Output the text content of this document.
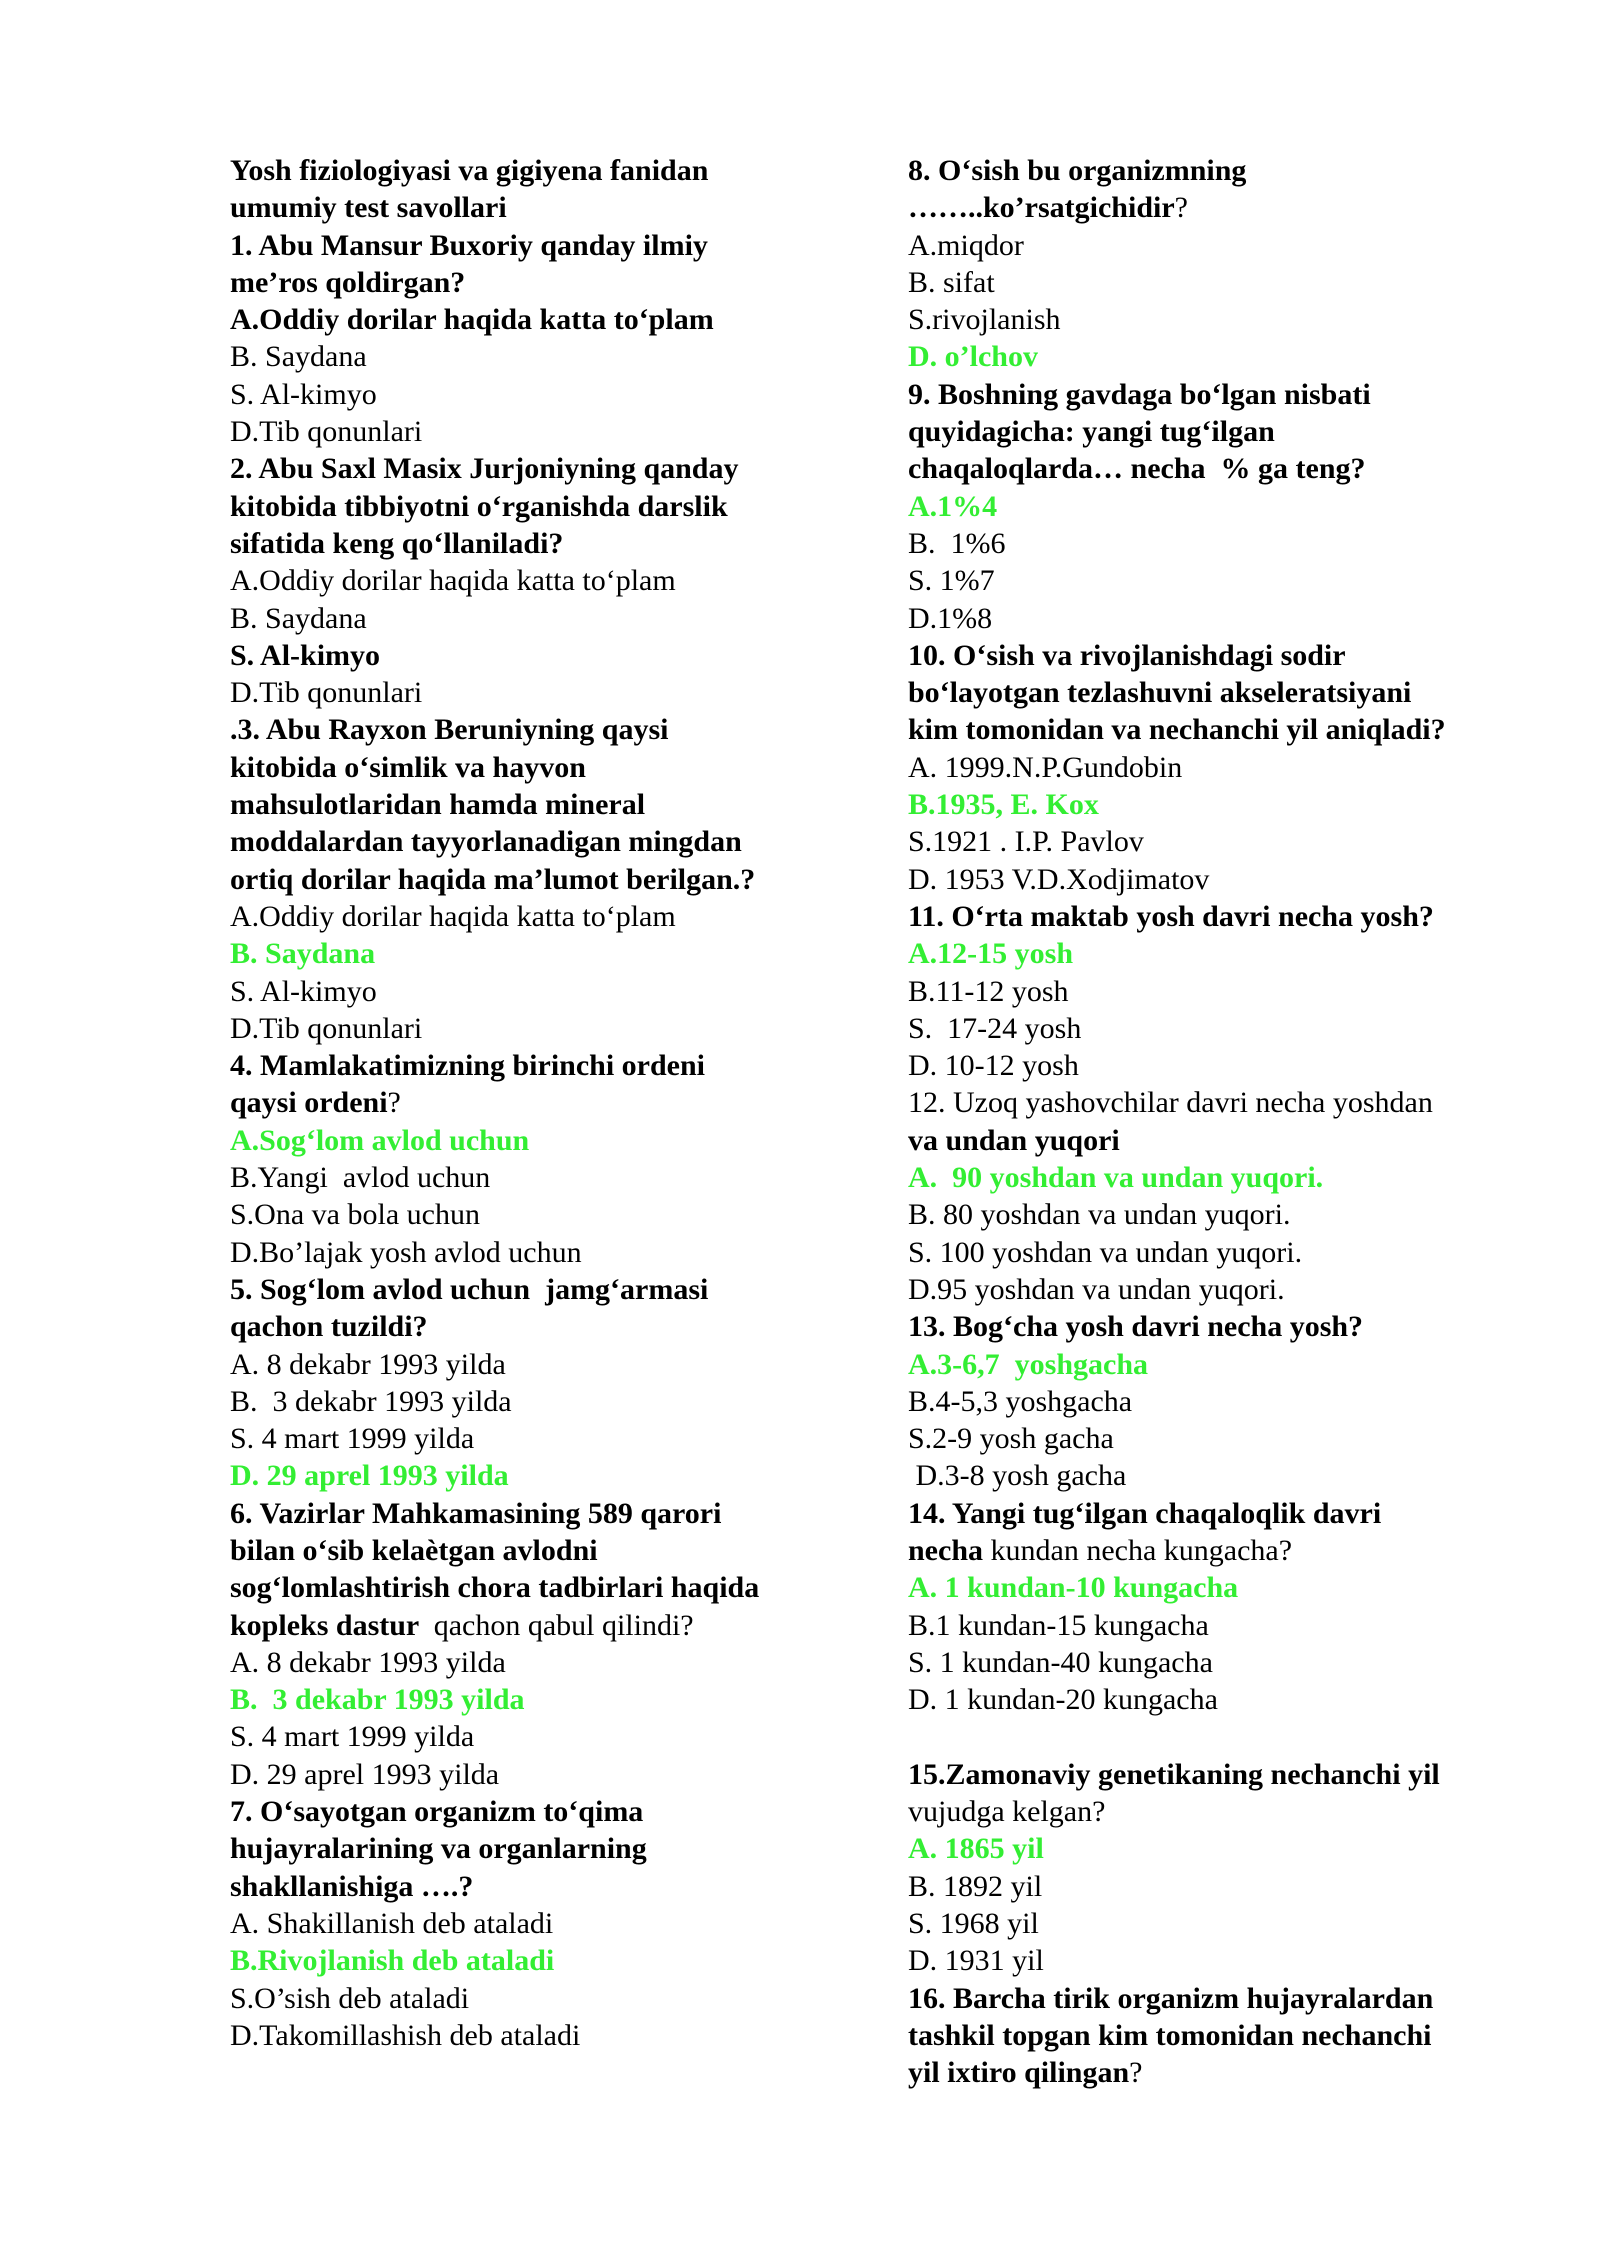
Yosh fiziologiyasi va gigiyena fanidan
umumiy test savollari
1. Abu Mansur Buxoriy qanday ilmiy
me’ros qoldirgan?
A.Oddiy dorilar haqida katta to‘plam
B. Saydana
S. Al-kimyo
D.Tib qonunlari
2. Abu Saxl Masix Jurjoniyning qanday
kitobida tibbiyotni o‘rganishda darslik
sifatida keng qo‘llaniladi?
A.Oddiy dorilar haqida katta to‘plam
B. Saydana
S. Al-kimyo
D.Tib qonunlari
.3. Abu Rayxon Beruniyning qaysi
kitobida o‘simlik va hayvon
mahsulotlaridan hamda mineral
moddalardan tayyorlanadigan mingdan
ortiq dorilar haqida ma’lumot berilgan.?
A.Oddiy dorilar haqida katta to‘plam
B. Saydana
S. Al-kimyo
D.Tib qonunlari
4. Mamlakatimizning birinchi ordeni
qaysi ordeni?
A.Sog‘lom avlod uchun
B.Yangi  avlod uchun
S.Ona va bola uchun
D.Bo’lajak yosh avlod uchun
5. Sog‘lom avlod uchun  jamg‘armasi
qachon tuzildi?
A. 8 dekabr 1993 yilda
B.  3 dekabr 1993 yilda
S. 4 mart 1999 yilda
D. 29 aprel 1993 yilda
6. Vazirlar Mahkamasining 589 qarori
bilan o‘sib kelaètgan avlodni
sog‘lomlashtirish chora tadbirlari haqida
kopleks dastur  qachon qabul qilindi?
A. 8 dekabr 1993 yilda
B.  3 dekabr 1993 yilda
S. 4 mart 1999 yilda
D. 29 aprel 1993 yilda
7. O‘sayotgan organizm to‘qima
hujayralarining va organlarning
shakllanishiga ….?
A. Shakillanish deb ataladi
B.Rivojlanish deb ataladi
S.O’sish deb ataladi
D.Takomillashish deb ataladi
8. O‘sish bu organizmning
……..ko’rsatgichidir?
A.miqdor
B. sifat
S.rivojlanish
D. o’lchov
9. Boshning gavdaga bo‘lgan nisbati
quyidagicha: yangi tug‘ilgan
chaqaloqlarda… necha  % ga teng?
A.1%4
B.  1%6
S. 1%7
D.1%8
10. O‘sish va rivojlanishdagi sodir
bo‘layotgan tezlashuvni akseleratsiyani
kim tomonidan va nechanchi yil aniqladi?
A. 1999.N.P.Gundobin
B.1935, E. Kox
S.1921 . I.P. Pavlov
D. 1953 V.D.Xodjimatov
11. O‘rta maktab yosh davri necha yosh?
A.12-15 yosh
B.11-12 yosh
S.  17-24 yosh
D. 10-12 yosh
12. Uzoq yashovchilar davri necha yoshdan
va undan yuqori
A.  90 yoshdan va undan yuqori.
B. 80 yoshdan va undan yuqori.
S. 100 yoshdan va undan yuqori.
D.95 yoshdan va undan yuqori.
13. Bog‘cha yosh davri necha yosh?
A.3-6,7  yoshgacha
B.4-5,3 yoshgacha
S.2-9 yosh gacha
D.3-8 yosh gacha
14. Yangi tug‘ilgan chaqaloqlik davri
necha kundan necha kungacha?
A. 1 kundan-10 kungacha
B.1 kundan-15 kungacha
S. 1 kundan-40 kungacha
D. 1 kundan-20 kungacha
15.Zamonaviy genetikaning nechanchi yil
vujudga kelgan?
A. 1865 yil
B. 1892 yil
S. 1968 yil
D. 1931 yil
16. Barcha tirik organizm hujayralardan
tashkil topgan kim tomonidan nechanchi
yil ixtiro qilingan?
